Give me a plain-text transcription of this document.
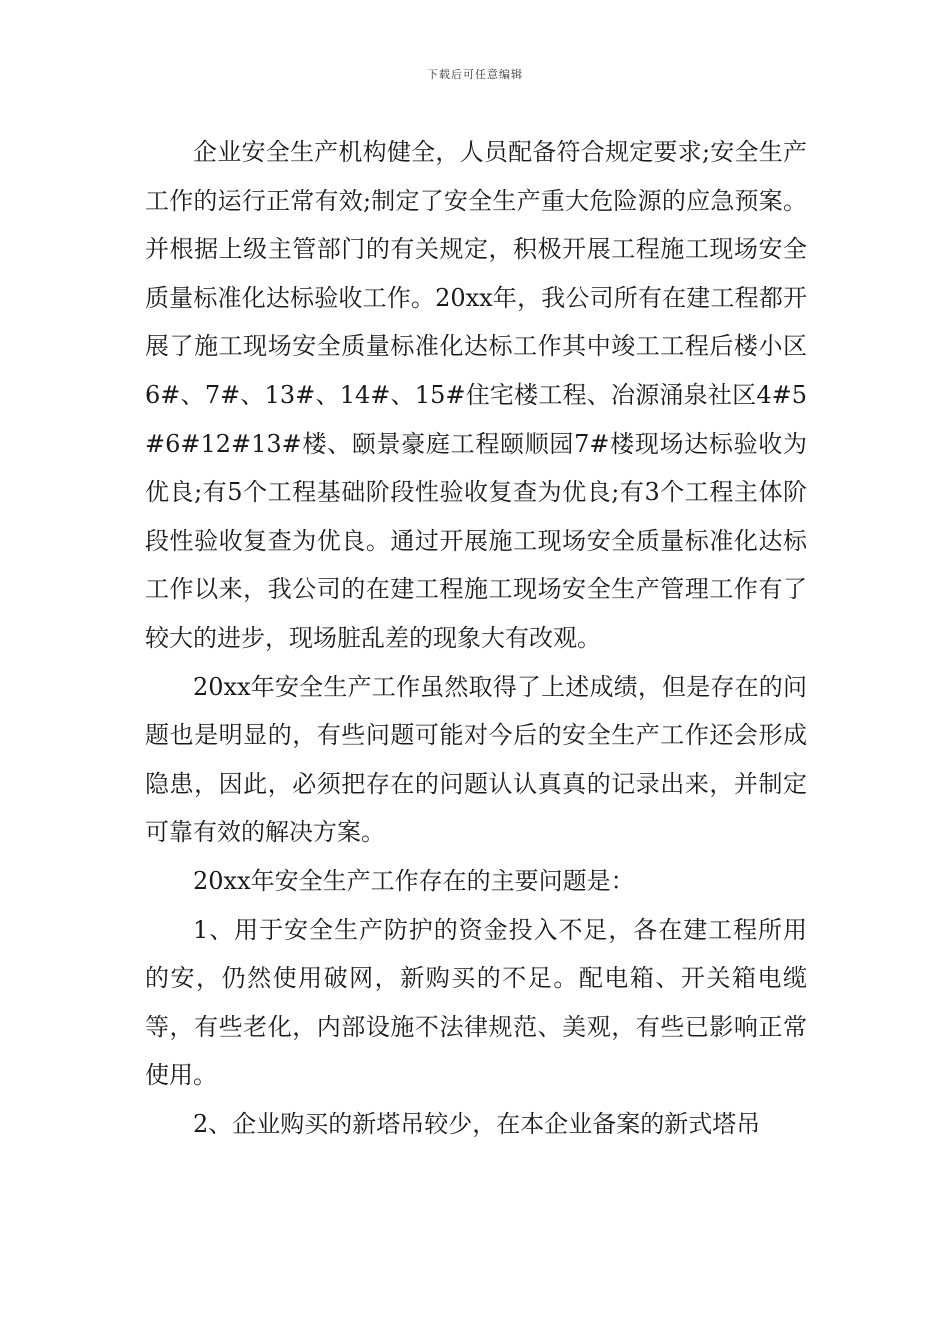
下载后可任意编辑

企业安全生产机构健全，人员配备符合规定要求;安全生产工作的运行正常有效;制定了安全生产重大危险源的应急预案。并根据上级主管部门的有关规定，积极开展工程施工现场安全质量标准化达标验收工作。20xx年，我公司所有在建工程都开展了施工现场安全质量标准化达标工作其中竣工工程后楼小区6#、7#、13#、14#、15#住宅楼工程、冶源涌泉社区4#5#6#12#13#楼、颐景豪庭工程颐顺园7#楼现场达标验收为优良;有5个工程基础阶段性验收复查为优良;有3个工程主体阶段性验收复查为优良。通过开展施工现场安全质量标准化达标工作以来，我公司的在建工程施工现场安全生产管理工作有了较大的进步，现场脏乱差的现象大有改观。

20xx年安全生产工作虽然取得了上述成绩，但是存在的问题也是明显的，有些问题可能对今后的安全生产工作还会形成隐患，因此，必须把存在的问题认认真真的记录出来，并制定可靠有效的解决方案。

20xx年安全生产工作存在的主要问题是：

1、用于安全生产防护的资金投入不足，各在建工程所用的安，仍然使用破网，新购买的不足。配电箱、开关箱电缆等，有些老化，内部设施不法律规范、美观，有些已影响正常使用。

2、企业购买的新塔吊较少，在本企业备案的新式塔吊
